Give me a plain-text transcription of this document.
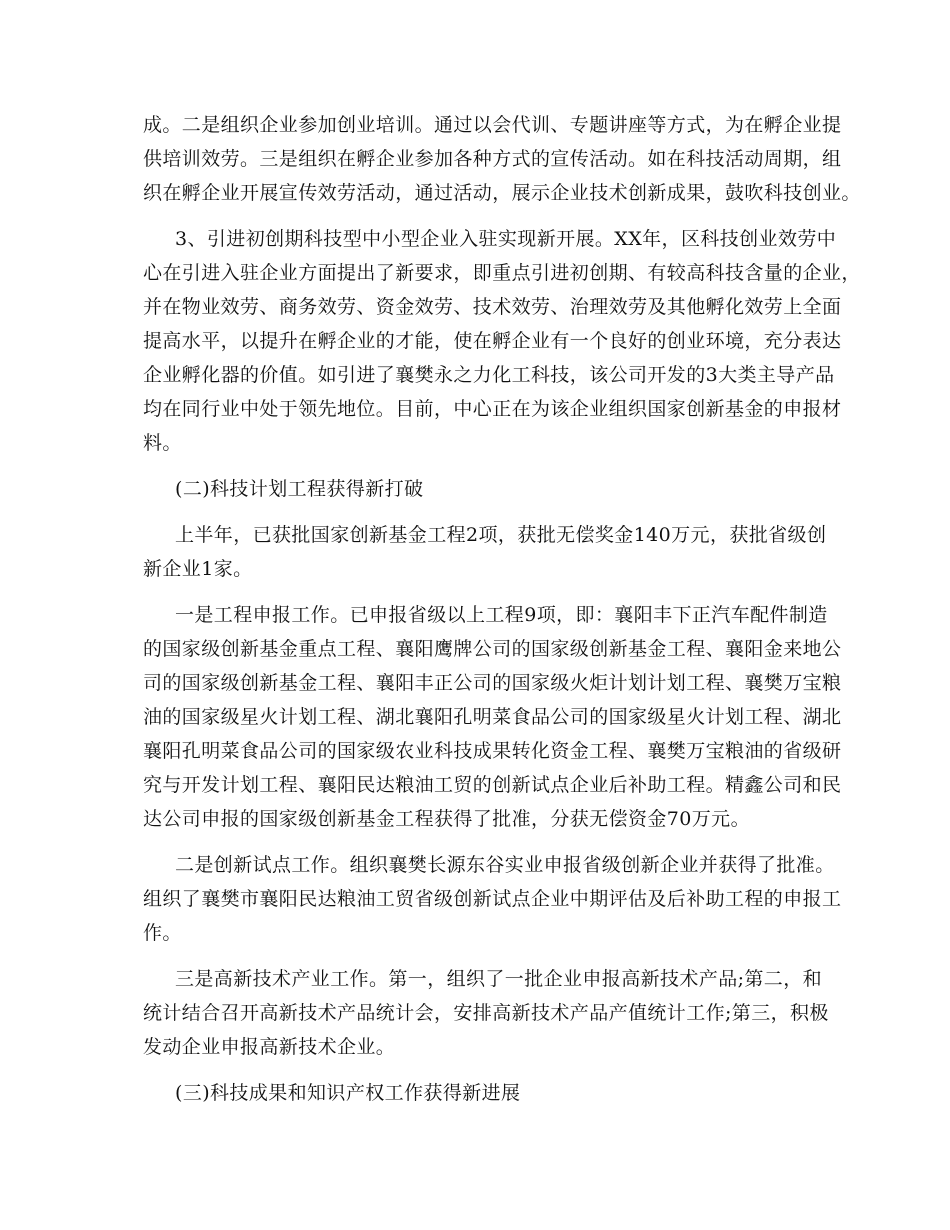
成。二是组织企业参加创业培训。通过以会代训、专题讲座等方式，为在孵企业提
供培训效劳。三是组织在孵企业参加各种方式的宣传活动。如在科技活动周期，组
织在孵企业开展宣传效劳活动，通过活动，展示企业技术创新成果，鼓吹科技创业。
3、引进初创期科技型中小型企业入驻实现新开展。XX年，区科技创业效劳中
心在引进入驻企业方面提出了新要求，即重点引进初创期、有较高科技含量的企业，
并在物业效劳、商务效劳、资金效劳、技术效劳、治理效劳及其他孵化效劳上全面
提高水平，以提升在孵企业的才能，使在孵企业有一个良好的创业环境，充分表达
企业孵化器的价值。如引进了襄樊永之力化工科技，该公司开发的3大类主导产品
均在同行业中处于领先地位。目前，中心正在为该企业组织国家创新基金的申报材
料。
(二)科技计划工程获得新打破
上半年，已获批国家创新基金工程2项，获批无偿奖金140万元，获批省级创
新企业1家。
一是工程申报工作。已申报省级以上工程9项，即：襄阳丰下正汽车配件制造
的国家级创新基金重点工程、襄阳鹰牌公司的国家级创新基金工程、襄阳金来地公
司的国家级创新基金工程、襄阳丰正公司的国家级火炬计划计划工程、襄樊万宝粮
油的国家级星火计划工程、湖北襄阳孔明菜食品公司的国家级星火计划工程、湖北
襄阳孔明菜食品公司的国家级农业科技成果转化资金工程、襄樊万宝粮油的省级研
究与开发计划工程、襄阳民达粮油工贸的创新试点企业后补助工程。精鑫公司和民
达公司申报的国家级创新基金工程获得了批准，分获无偿资金70万元。
二是创新试点工作。组织襄樊长源东谷实业申报省级创新企业并获得了批准。
组织了襄樊市襄阳民达粮油工贸省级创新试点企业中期评估及后补助工程的申报工
作。
三是高新技术产业工作。第一，组织了一批企业申报高新技术产品;第二，和
统计结合召开高新技术产品统计会，安排高新技术产品产值统计工作;第三，积极
发动企业申报高新技术企业。
(三)科技成果和知识产权工作获得新进展
